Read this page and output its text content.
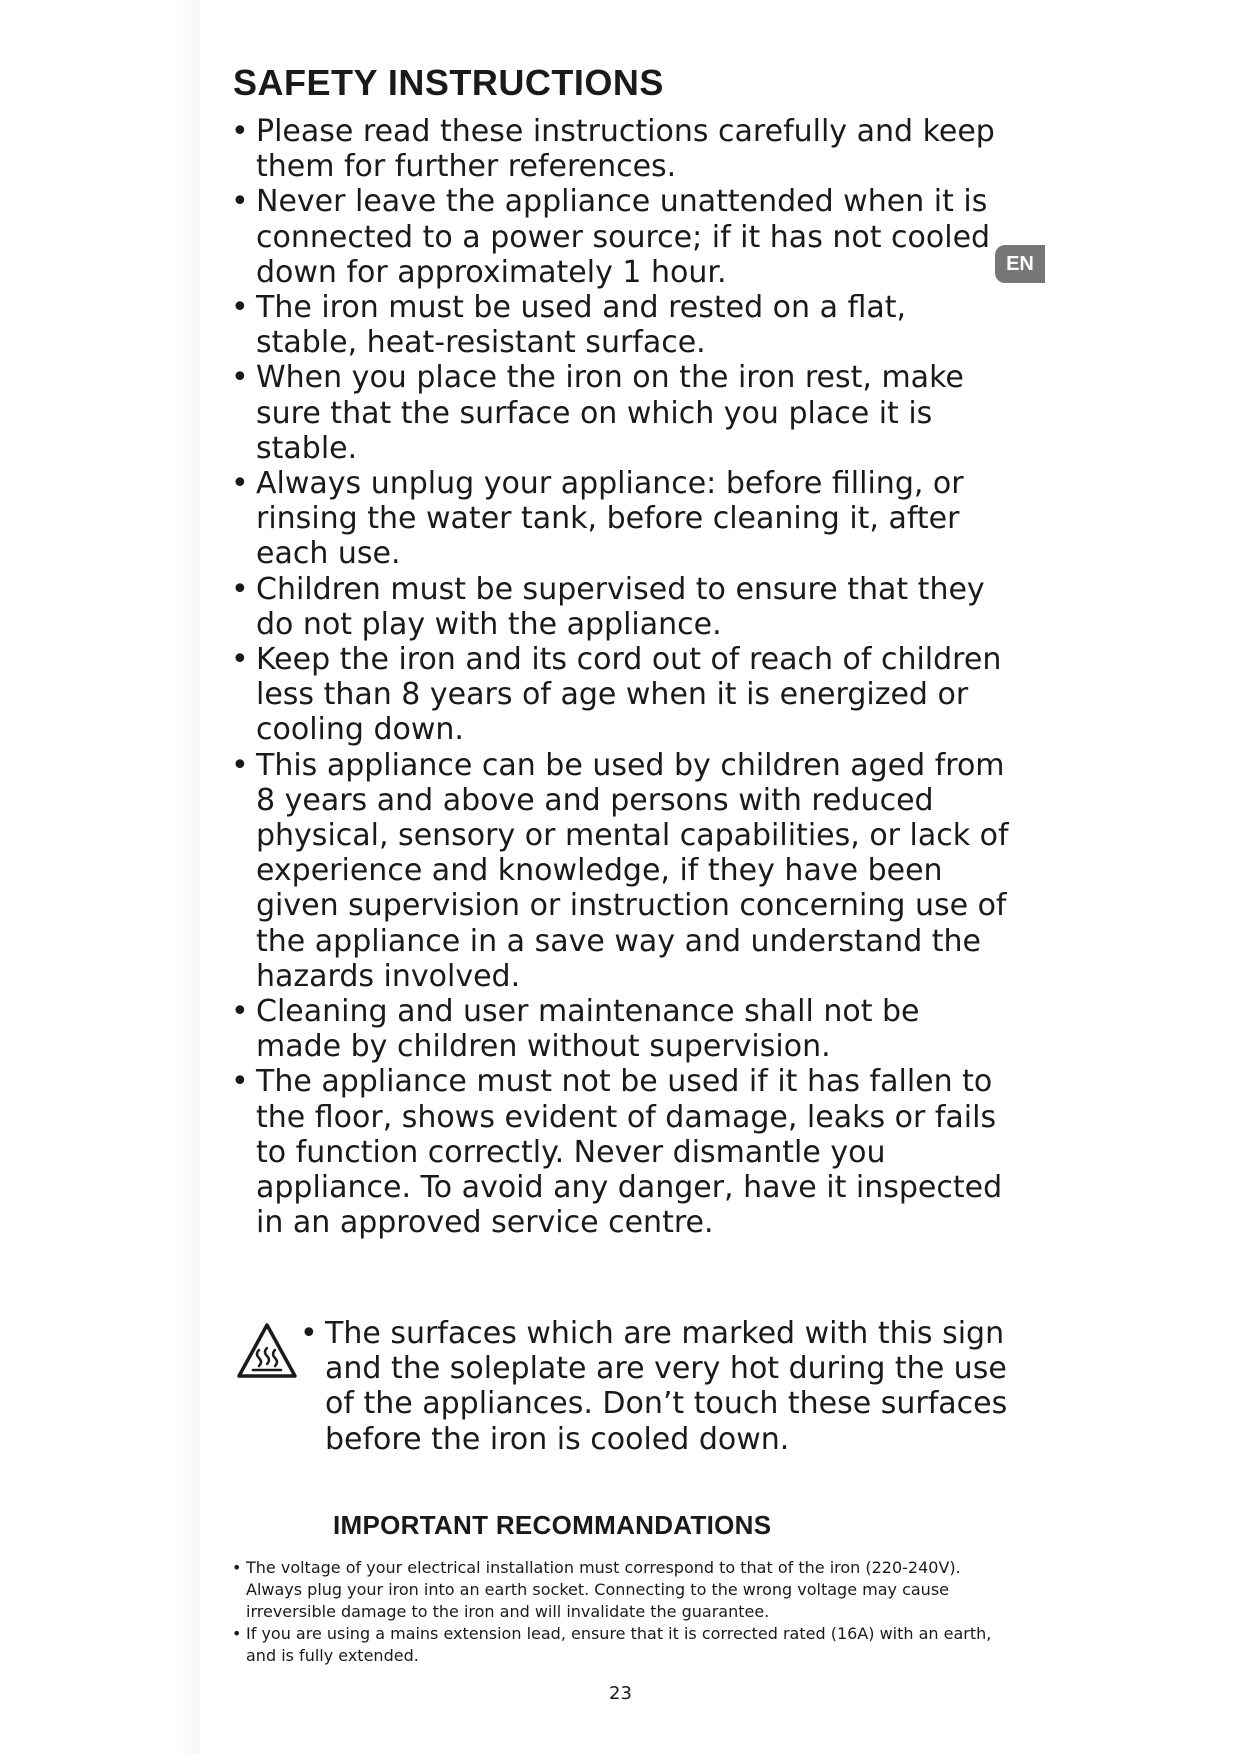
SAFETY INSTRUCTIONS
EN
• Please read these instructions carefully and keep them for further references.
• Never leave the appliance unattended when it is connected to a power source; if it has not cooled down for approximately 1 hour.
• The iron must be used and rested on a flat, stable, heat-resistant surface.
• When you place the iron on the iron rest, make sure that the surface on which you place it is stable.
• Always unplug your appliance: before filling, or rinsing the water tank, before cleaning it, after each use.
• Children must be supervised to ensure that they do not play with the appliance.
• Keep the iron and its cord out of reach of children less than 8 years of age when it is energized or cooling down.
• This appliance can be used by children aged from 8 years and above and persons with reduced physical, sensory or mental capabilities, or lack of experience and knowledge, if they have been given supervision or instruction concerning use of the appliance in a save way and understand the hazards involved.
• Cleaning and user maintenance shall not be made by children without supervision.
• The appliance must not be used if it has fallen to the floor, shows evident of damage, leaks or fails to function correctly. Never dismantle you appliance. To avoid any danger, have it inspected in an approved service centre.

• The surfaces which are marked with this sign and the soleplate are very hot during the use of the appliances. Don’t touch these surfaces before the iron is cooled down.

IMPORTANT RECOMMANDATIONS
• The voltage of your electrical installation must correspond to that of the iron (220-240V). Always plug your iron into an earth socket. Connecting to the wrong voltage may cause irreversible damage to the iron and will invalidate the guarantee.
• If you are using a mains extension lead, ensure that it is corrected rated (16A) with an earth, and is fully extended.
23
